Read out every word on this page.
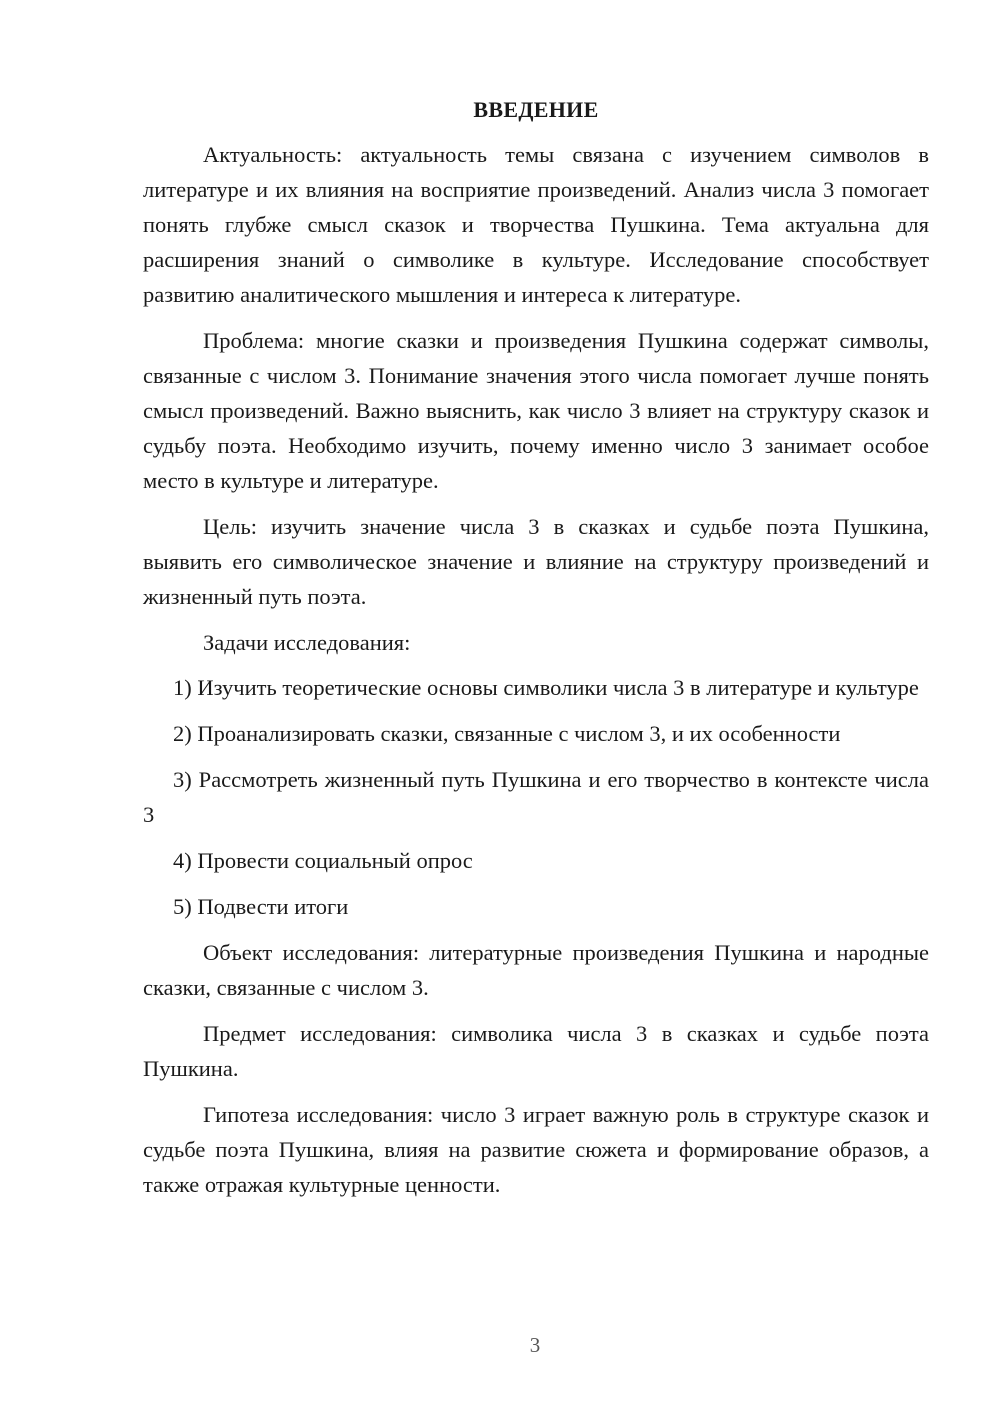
ВВЕДЕНИЕ

Актуальность: актуальность темы связана с изучением символов в литературе и их влияния на восприятие произведений. Анализ числа 3 помогает понять глубже смысл сказок и творчества Пушкина. Тема актуальна для расширения знаний о символике в культуре. Исследование способствует развитию аналитического мышления и интереса к литературе.

Проблема: многие сказки и произведения Пушкина содержат символы, связанные с числом 3. Понимание значения этого числа помогает лучше понять смысл произведений. Важно выяснить, как число 3 влияет на структуру сказок и судьбу поэта. Необходимо изучить, почему именно число 3 занимает особое место в культуре и литературе.

Цель: изучить значение числа 3 в сказках и судьбе поэта Пушкина, выявить его символическое значение и влияние на структуру произведений и жизненный путь поэта.

Задачи исследования:

1) Изучить теоретические основы символики числа 3 в литературе и культуре

2) Проанализировать сказки, связанные с числом 3, и их особенности

3) Рассмотреть жизненный путь Пушкина и его творчество в контексте числа 3

4) Провести социальный опрос

5) Подвести итоги

Объект исследования: литературные произведения Пушкина и народные сказки, связанные с числом 3.

Предмет исследования: символика числа 3 в сказках и судьбе поэта Пушкина.

Гипотеза исследования: число 3 играет важную роль в структуре сказок и судьбе поэта Пушкина, влияя на развитие сюжета и формирование образов, а также отражая культурные ценности.

3
